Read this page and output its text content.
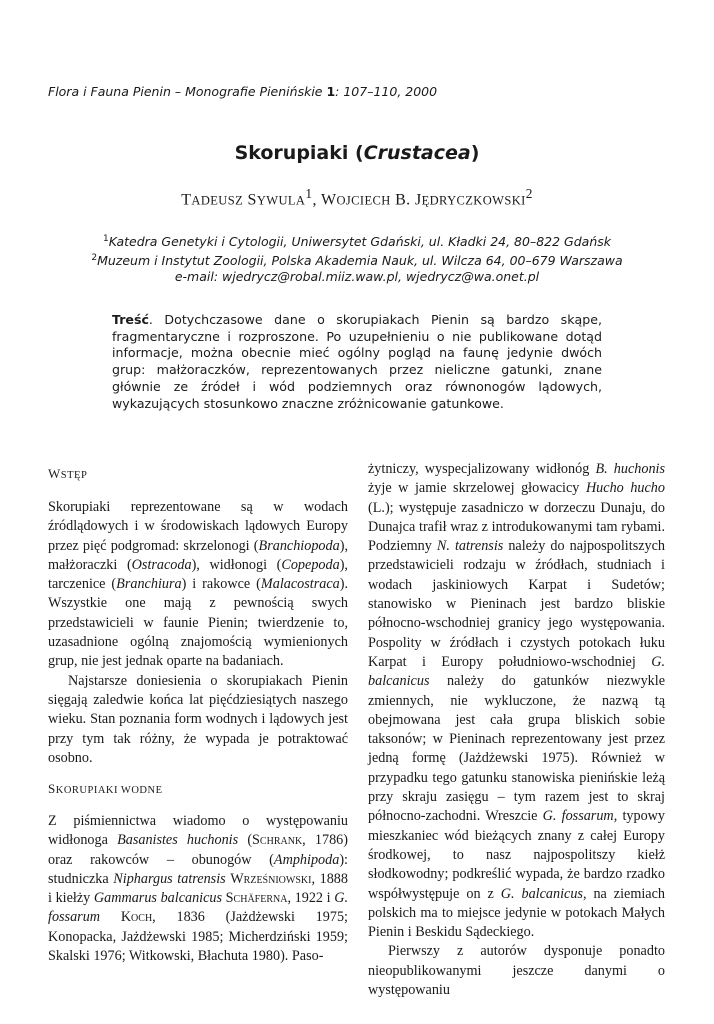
Flora i Fauna Pienin – Monografie Pienińskie 1: 107–110, 2000
Skorupiaki (Crustacea)
TADEUSZ SYWULA$^1$, WOJCIECH B. JĘDRYCZKOWSKI$^2$
$^1$Katedra Genetyki i Cytologii, Uniwersytet Gdański, ul. Kładki 24, 80–822 Gdańsk
$^2$Muzeum i Instytut Zoologii, Polska Akademia Nauk, ul. Wilcza 64, 00–679 Warszawa
e-mail: wjedrycz@robal.miiz.waw.pl, wjedrycz@wa.onet.pl
Treść. Dotychczasowe dane o skorupiakach Pienin są bardzo skąpe, fragmentaryczne i rozproszone. Po uzupełnieniu o nie publikowane dotąd informacje, można obecnie mieć ogólny pogląd na faunę jedynie dwóch grup: małżoraczków, reprezentowanych przez nieliczne gatunki, znane głównie ze źródeł i wód podziemnych oraz równonogów lądowych, wykazujących stosunkowo znaczne zróżnicowanie gatunkowe.
WSTĘP

Skorupiaki reprezentowane są w wodach źródlądowych i w środowiskach lądowych Europy przez pięć podgromad: skrzelonogi (Branchiopoda), małżoraczki (Ostracoda), widłonogi (Copepoda), tarczenice (Branchiura) i rakowce (Malacostraca). Wszystkie one mają z pewnością swych przedstawicieli w faunie Pienin; twierdzenie to, uzasadnione ogólną znajomością wymienionych grup, nie jest jednak oparte na badaniach.

Najstarsze doniesienia o skorupiakach Pienin sięgają zaledwie końca lat pięćdziesiątych naszego wieku. Stan poznania form wodnych i lądowych jest przy tym tak różny, że wypada je potraktować osobno.

SKORUPIAKI WODNE

Z piśmiennictwa wiadomo o występowaniu widłonoga Basanistes huchonis (Schrank, 1786) oraz rakowców – obunogów (Amphipoda): studniczka Niphargus tatrensis Wrześniowski, 1888 i kiełży Gammarus balcanicus Schäferna, 1922 i G. fossarum Koch, 1836 (Jażdżewski 1975; Konopacka, Jażdżewski 1985; Micherdziński 1959; Skalski 1976; Witkowski, Błachuta 1980). Paso-

żytniczy, wyspecjalizowany widłonóg B. huchonis żyje w jamie skrzelowej głowacicy Hucho hucho (L.); występuje zasadniczo w dorzeczu Dunaju, do Dunajca trafił wraz z introdukowanymi tam rybami. Podziemny N. tatrensis należy do najpospolitszych przedstawicieli rodzaju w źródłach, studniach i wodach jaskiniowych Karpat i Sudetów; stanowisko w Pieninach jest bardzo bliskie północno-wschodniej granicy jego występowania. Pospolity w źródłach i czystych potokach łuku Karpat i Europy południowo-wschodniej G. balcanicus należy do gatunków niezwykle zmiennych, nie wykluczone, że nazwą tą obejmowana jest cała grupa bliskich sobie taksonów; w Pieninach reprezentowany jest przez jedną formę (Jażdżewski 1975). Również w przypadku tego gatunku stanowiska pienińskie leżą przy skraju zasięgu – tym razem jest to skraj północno-zachodni. Wreszcie G. fossarum, typowy mieszkaniec wód bieżących znany z całej Europy środkowej, to nasz najpospolitszy kiełż słodkowodny; podkreślić wypada, że bardzo rzadko współwystępuje on z G. balcanicus, na ziemiach polskich ma to miejsce jedynie w potokach Małych Pienin i Beskidu Sądeckiego.

Pierwszy z autorów dysponuje ponadto nieopublikowanymi jeszcze danymi o występowaniu
